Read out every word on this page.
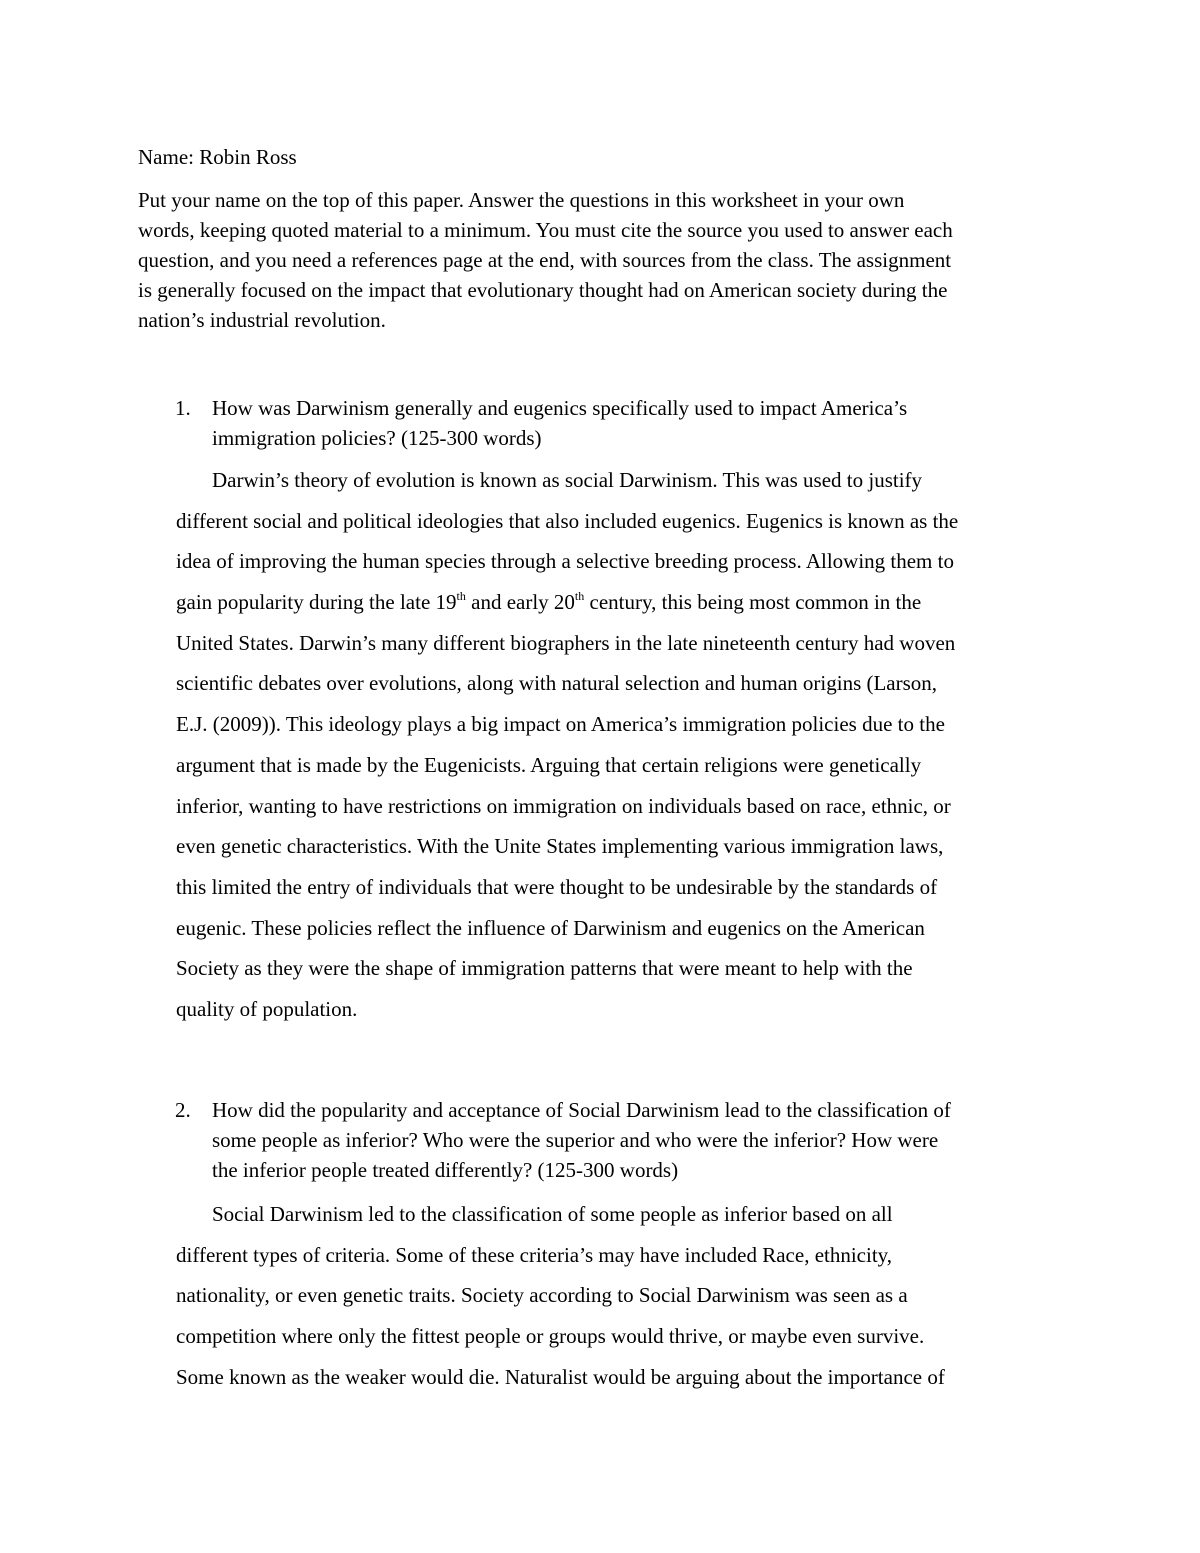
Name: Robin Ross
Put your name on the top of this paper. Answer the questions in this worksheet in your own
words, keeping quoted material to a minimum. You must cite the source you used to answer each
question, and you need a references page at the end, with sources from the class. The assignment
is generally focused on the impact that evolutionary thought had on American society during the
nation’s industrial revolution.
1. How was Darwinism generally and eugenics specifically used to impact America’s
immigration policies? (125-300 words)
Darwin’s theory of evolution is known as social Darwinism. This was used to justify
different social and political ideologies that also included eugenics. Eugenics is known as the
idea of improving the human species through a selective breeding process. Allowing them to
gain popularity during the late 19th and early 20th century, this being most common in the
United States. Darwin’s many different biographers in the late nineteenth century had woven
scientific debates over evolutions, along with natural selection and human origins (Larson,
E.J. (2009)). This ideology plays a big impact on America’s immigration policies due to the
argument that is made by the Eugenicists. Arguing that certain religions were genetically
inferior, wanting to have restrictions on immigration on individuals based on race, ethnic, or
even genetic characteristics. With the Unite States implementing various immigration laws,
this limited the entry of individuals that were thought to be undesirable by the standards of
eugenic. These policies reflect the influence of Darwinism and eugenics on the American
Society as they were the shape of immigration patterns that were meant to help with the
quality of population.
2. How did the popularity and acceptance of Social Darwinism lead to the classification of
some people as inferior? Who were the superior and who were the inferior? How were
the inferior people treated differently? (125-300 words)
Social Darwinism led to the classification of some people as inferior based on all
different types of criteria. Some of these criteria’s may have included Race, ethnicity,
nationality, or even genetic traits. Society according to Social Darwinism was seen as a
competition where only the fittest people or groups would thrive, or maybe even survive.
Some known as the weaker would die. Naturalist would be arguing about the importance of
